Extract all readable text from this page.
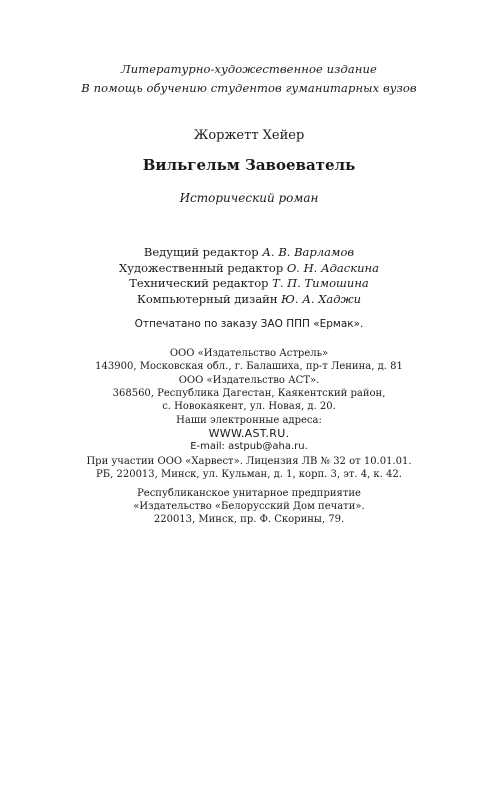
Литературно-художественное издание
В помощь обучению студентов гуманитарных вузов
Жоржетт Хейер
Вильгельм Завоеватель
Исторический роман
Ведущий редактор А. В. Варламов
Художественный редактор О. Н. Адаскина
Технический редактор Т. П. Тимошина
Компьютерный дизайн Ю. А. Хаджи
Отпечатано по заказу ЗАО ППП «Ермак».
ООО «Издательство Астрель»
143900, Московская обл., г. Балашиха, пр-т Ленина, д. 81
ООО «Издательство АСТ».
368560, Республика Дагестан, Каякентский район,
с. Новокаякент, ул. Новая, д. 20.
Наши электронные адреса:
WWW.AST.RU.
E-mail: astpub@aha.ru.
При участии ООО «Харвест». Лицензия ЛВ № 32 от 10.01.01.
РБ, 220013, Минск, ул. Кульман, д. 1, корп. 3, эт. 4, к. 42.
Республиканское унитарное предприятие
«Издательство «Белорусский Дом печати».
220013, Минск, пр. Ф. Скорины, 79.
